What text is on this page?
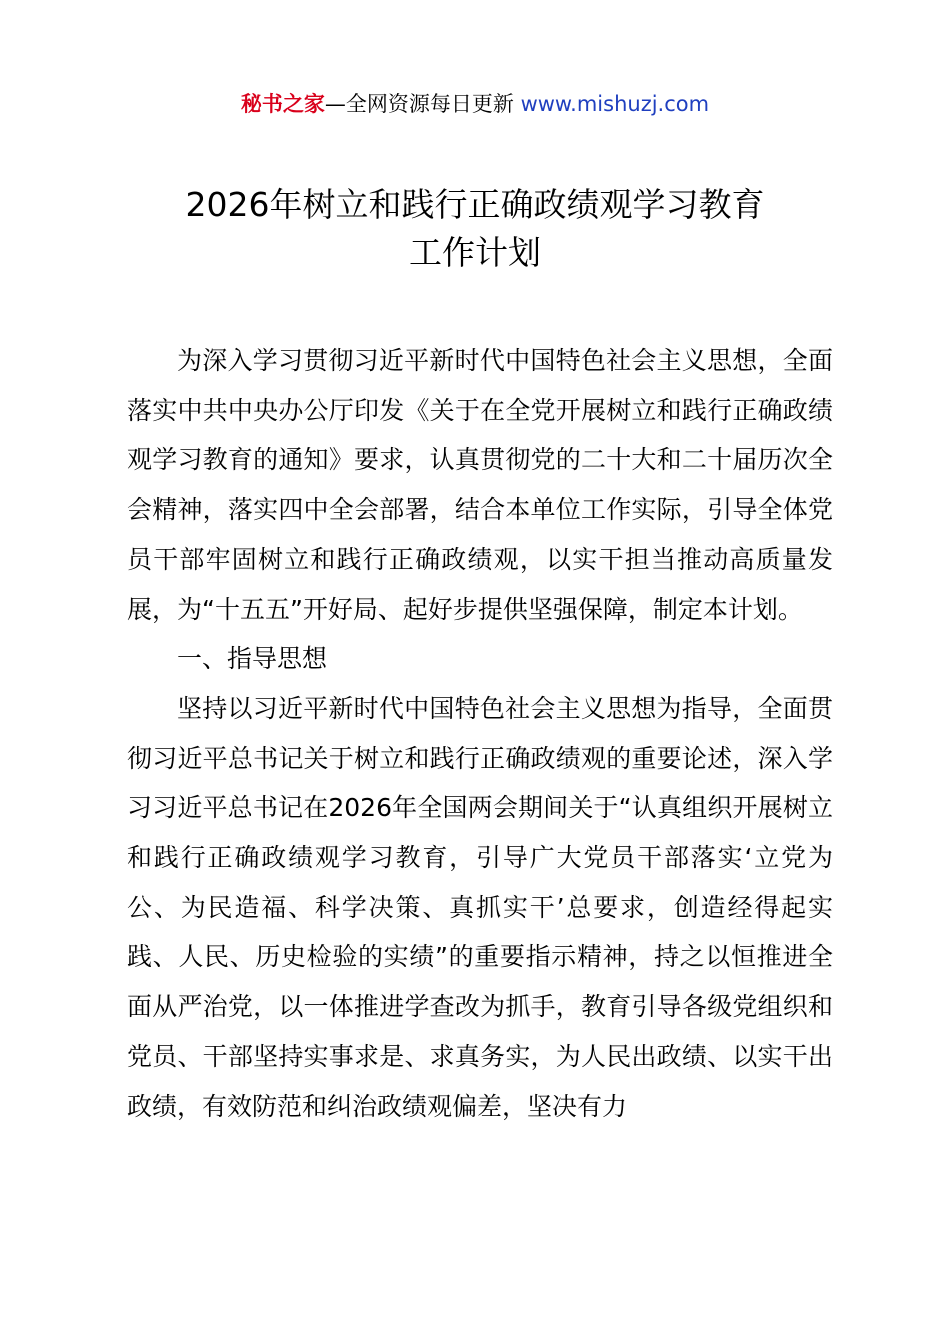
秘书之家—全网资源每日更新 www.mishuzj.com
2026年树立和践行正确政绩观学习教育
工作计划

为深入学习贯彻习近平新时代中国特色社会主义思想，全面落实中共中央办公厅印发《关于在全党开展树立和践行正确政绩观学习教育的通知》要求，认真贯彻党的二十大和二十届历次全会精神，落实四中全会部署，结合本单位工作实际，引导全体党员干部牢固树立和践行正确政绩观，以实干担当推动高质量发展，为“十五五”开好局、起好步提供坚强保障，制定本计划。

一、指导思想

坚持以习近平新时代中国特色社会主义思想为指导，全面贯彻习近平总书记关于树立和践行正确政绩观的重要论述，深入学习习近平总书记在2026年全国两会期间关于“认真组织开展树立和践行正确政绩观学习教育，引导广大党员干部落实‘立党为公、为民造福、科学决策、真抓实干’总要求，创造经得起实践、人民、历史检验的实绩”的重要指示精神，持之以恒推进全面从严治党，以一体推进学查改为抓手，教育引导各级党组织和党员、干部坚持实事求是、求真务实，为人民出政绩、以实干出政绩，有效防范和纠治政绩观偏差，坚决有力
